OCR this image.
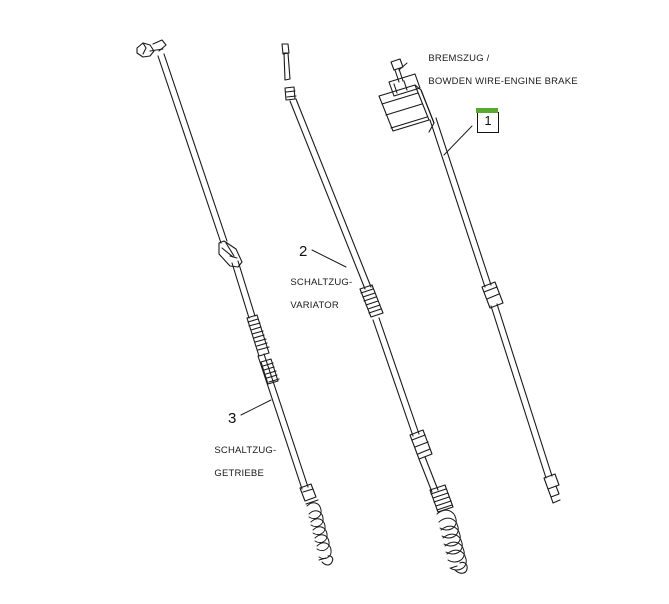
BREMSZUG /

BOWDEN WIRE-ENGINE BRAKE

1
2

SCHALTZUG-

VARIATOR

3

SCHALTZUG-

GETRIEBE
